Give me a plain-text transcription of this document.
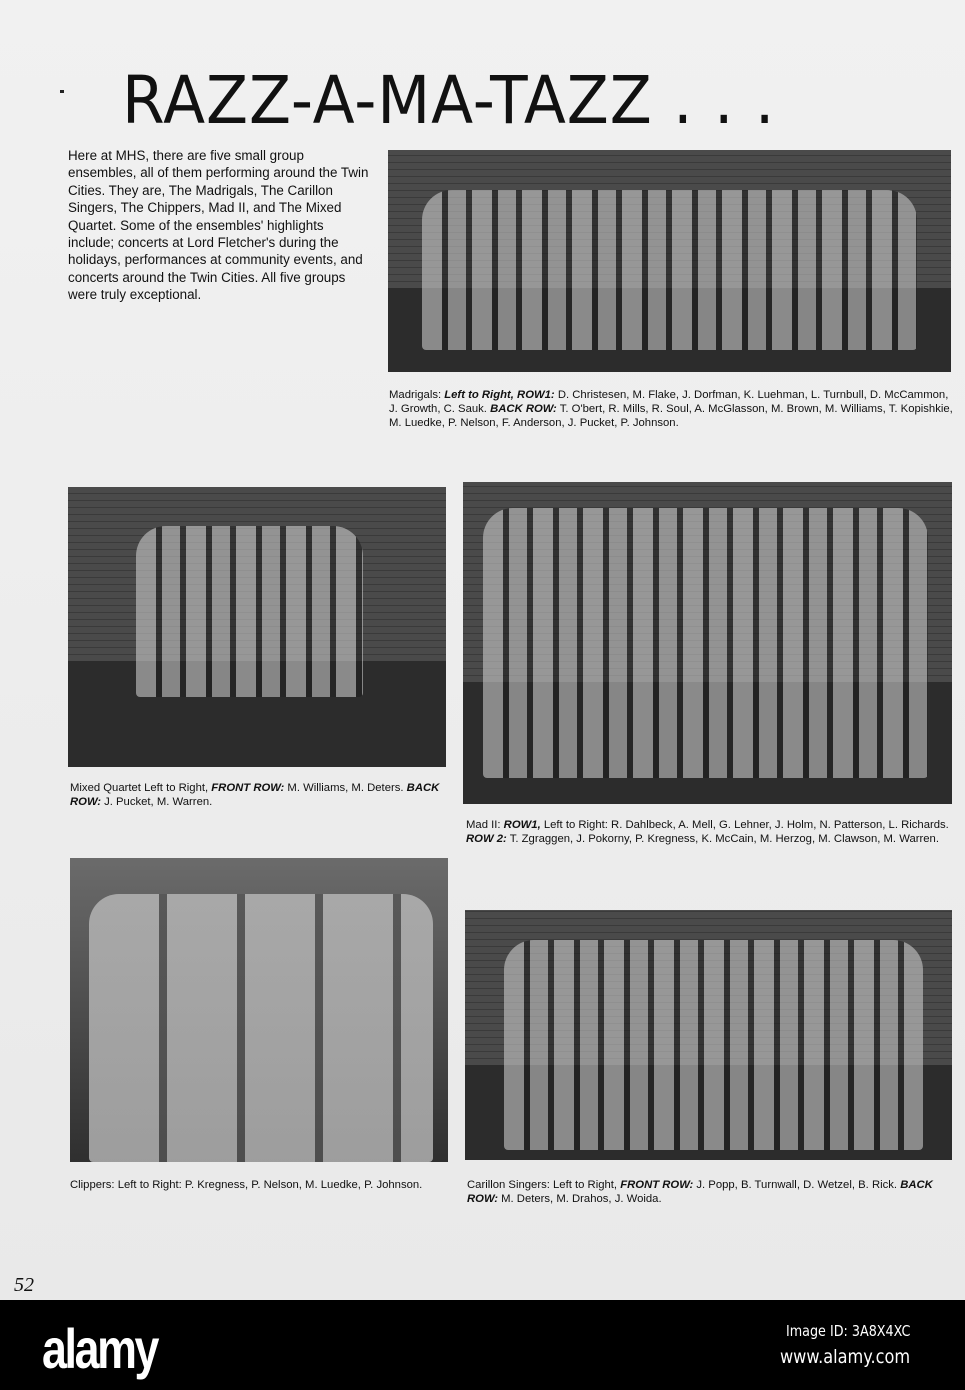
RAZZ-A-MA-TAZZ . . .
Here at MHS, there are five small group ensembles, all of them performing around the Twin Cities. They are, The Madrigals, The Carillon Singers, The Chippers, Mad II, and The Mixed Quartet. Some of the ensembles' highlights include; concerts at Lord Fletcher's during the holidays, performances at community events, and concerts around the Twin Cities. All five groups were truly exceptional.
Madrigals: Left to Right, ROW1: D. Christesen, M. Flake, J. Dorfman, K. Luehman, L. Turnbull, D. McCammon, J. Growth, C. Sauk. BACK ROW: T. O'bert, R. Mills, R. Soul, A. McGlasson, M. Brown, M. Williams, T. Kopishkie, M. Luedke, P. Nelson, F. Anderson, J. Pucket, P. Johnson.
Mixed Quartet Left to Right, FRONT ROW: M. Williams, M. Deters. BACK ROW: J. Pucket, M. Warren.
Mad II: ROW1, Left to Right: R. Dahlbeck, A. Mell, G. Lehner, J. Holm, N. Patterson, L. Richards. ROW 2: T. Zgraggen, J. Pokorny, P. Kregness, K. McCain, M. Herzog, M. Clawson, M. Warren.
Clippers: Left to Right: P. Kregness, P. Nelson, M. Luedke, P. Johnson.	Carillon Singers: Left to Right, FRONT ROW: J. Popp, B. Turnwall, D. Wetzel, B. Rick. BACK ROW: M. Deters, M. Drahos, J. Woida.
52
alamy	Image ID: 3A8X4XC
www.alamy.com
